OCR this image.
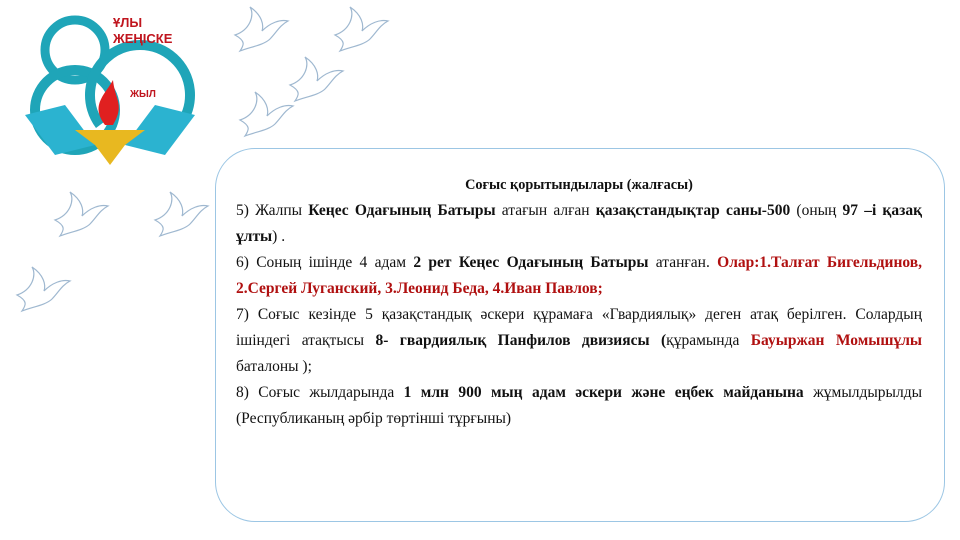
ҰЛЫ
ЖЕҢІСКЕ
ЖЫЛ
Соғыс қорытындылары (жалғасы)

5) Жалпы Кеңес Одағының Батыры атағын алған қазақстандықтар саны-500 (оның 97 –і қазақ ұлты) .

6) Соның ішінде 4 адам 2 рет Кеңес Одағының Батыры атанған. Олар:1.Талғат Бигельдинов, 2.Сергей Луганский, 3.Леонид Беда, 4.Иван Павлов;

7) Соғыс кезінде 5 қазақстандық әскери құрамаға «Гвардиялық» деген атақ берілген. Солардың ішіндегі атақтысы 8- гвардиялық Панфилов двизиясы (құрамында Бауыржан Момышұлы баталоны );

8) Соғыс жылдарында 1 млн 900 мың адам әскери және еңбек майданына жұмылдырылды (Республиканың әрбір төртінші тұрғыны)
